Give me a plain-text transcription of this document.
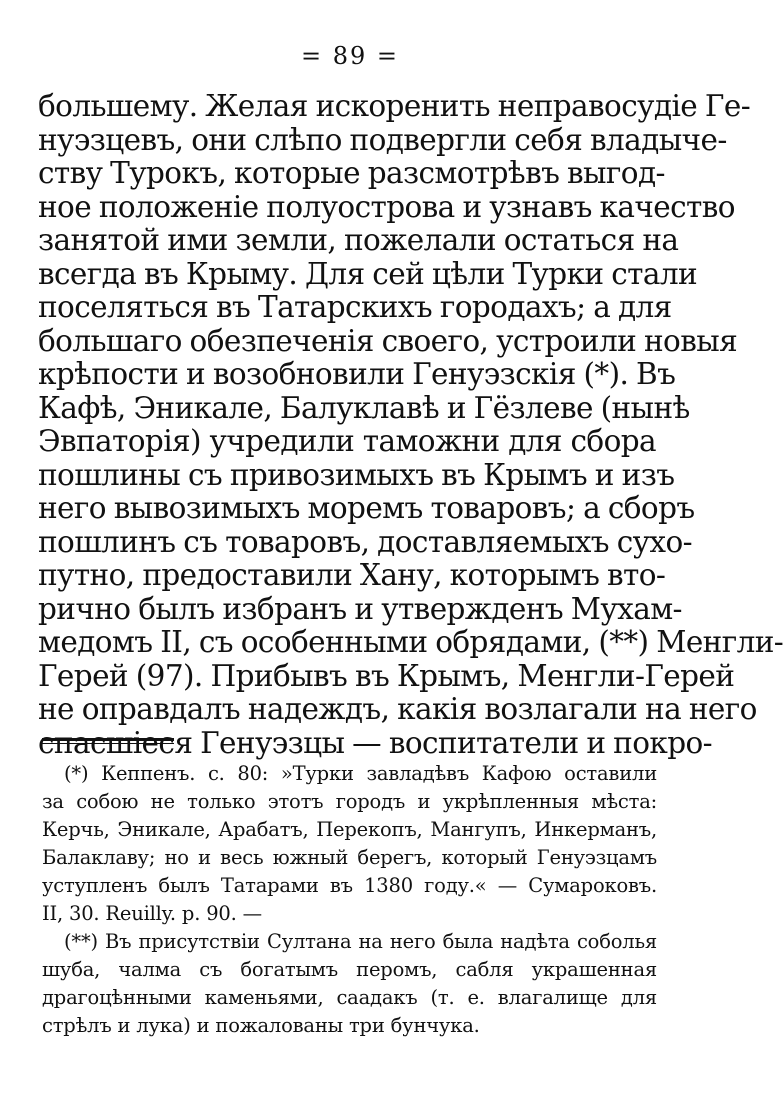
= 89 =
большему. Желая искоренить неправосудіе Ге-
нуэзцевъ, они слѣпо подвергли себя владыче-
ству Турокъ, которые разсмотрѣвъ выгод-
ное положеніе полуострова и узнавъ качество
занятой ими земли, пожелали остаться на
всегда въ Крыму. Для сей цѣли Турки стали
поселяться въ Татарскихъ городахъ; а для
большаго обезпеченія своего, устроили новыя
крѣпости и возобновили Генуэзскія (*). Въ
Кафѣ, Эникале, Балуклавѣ и Гёзлеве (нынѣ
Эвпаторія) учредили таможни для сбора
пошлины съ привозимыхъ въ Крымъ и изъ
него вывозимыхъ моремъ товаровъ; а сборъ
пошлинъ съ товаровъ, доставляемыхъ сухо-
путно, предоставили Хану, которымъ вто-
рично былъ избранъ и утвержденъ Мухам-
медомъ II, съ особенными обрядами, (**) Менгли-
Герей (97). Прибывъ въ Крымъ, Менгли-Герей
не оправдалъ надеждъ, какія возлагали на него
спасшіеся Генуэзцы — воспитатели и покро-
(*) Кеппенъ. с. 80: »Турки завладѣвъ Кафою оставили
за собою не только этотъ городъ и укрѣпленныя мѣста:
Керчь, Эникале, Арабатъ, Перекопъ, Мангупъ, Инкерманъ,
Балаклаву; но и весь южный берегъ, который Генуэзцамъ
уступленъ былъ Татарами въ 1380 году.« — Сумароковъ.
II, 30. Reuilly. p. 90. —
(**) Въ присутствіи Султана на него была надѣта соболья
шуба, чалма съ богатымъ перомъ, сабля украшенная
драгоцѣнными каменьями, саадакъ (т. е. влагалище для
стрѣлъ и лука) и пожалованы три бунчука.
